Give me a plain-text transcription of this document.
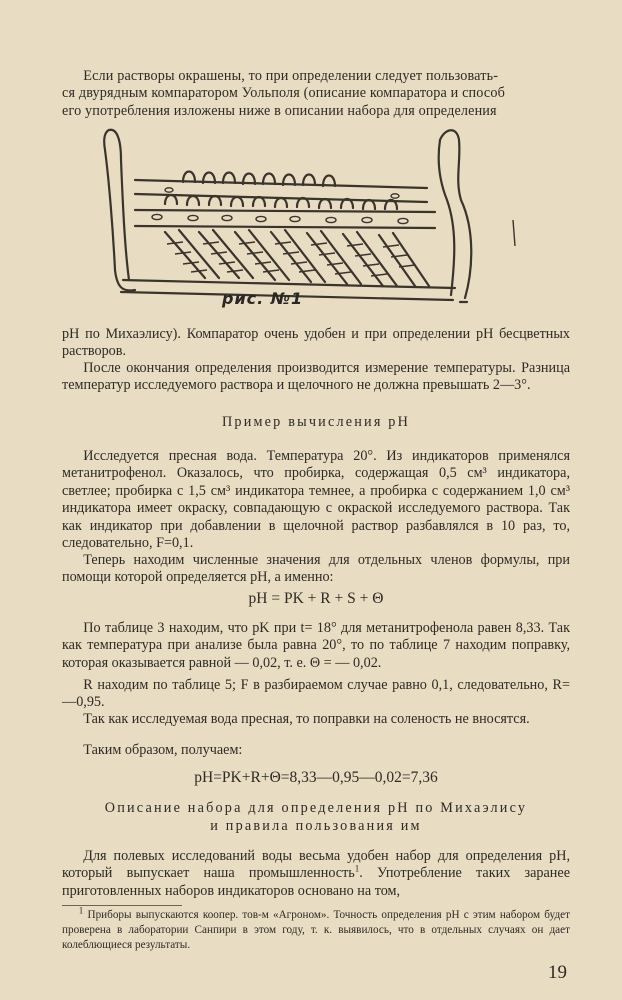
Если растворы окрашены, то при определении следует пользовать-
ся двурядным компаратором Уольполя (описание компаратора и способ
его употребления изложены ниже в описании набора для определения

рис. №1

pH по Михаэлису). Компаратор очень удобен и при определении pH бесцветных растворов.

После окончания определения производится измерение температуры. Разница температур исследуемого раствора и щелочного не должна превышать 2—3°.

Пример вычисления pH

Исследуется пресная вода. Температура 20°. Из индикаторов применялся метанитрофенол. Оказалось, что пробирка, содержащая 0,5 см³ индикатора, светлее; пробирка с 1,5 см³ индикатора темнее, а пробирка с содержанием 1,0 см³ индикатора имеет окраску, совпадающую с окраской исследуемого раствора. Так как индикатор при добавлении в щелочной раствор разбавлялся в 10 раз, то, следовательно, F=0,1.

Теперь находим численные значения для отдельных членов формулы, при помощи которой определяется pH, а именно:

pH = PK + R + S + Θ

По таблице 3 находим, что pK при t= 18° для метанитрофенола равен 8,33. Так как температура при анализе была равна 20°, то по таблице 7 находим поправку, которая оказывается равной — 0,02, т. е. Θ = — 0,02.

R находим по таблице 5; F в разбираемом случае равно 0,1, следовательно, R=—0,95.

Так как исследуемая вода пресная, то поправки на соленость не вносятся.

Таким образом, получаем:

pH=PK+R+Θ=8,33—0,95—0,02=7,36

Описание набора для определения pH по Михаэлису
и правила пользования им

Для полевых исследований воды весьма удобен набор для определения pH, который выпускает наша промышленность$^1$. Употребление таких заранее приготовленных наборов индикаторов основано на том,

$^1$ Приборы выпускаются коопер. тов-м «Агроном». Точность определения pH с этим набором будет проверена в лаборатории Санпири в этом году, т. к. выявилось, что в отдельных случаях он дает колеблющиеся результаты.

19
